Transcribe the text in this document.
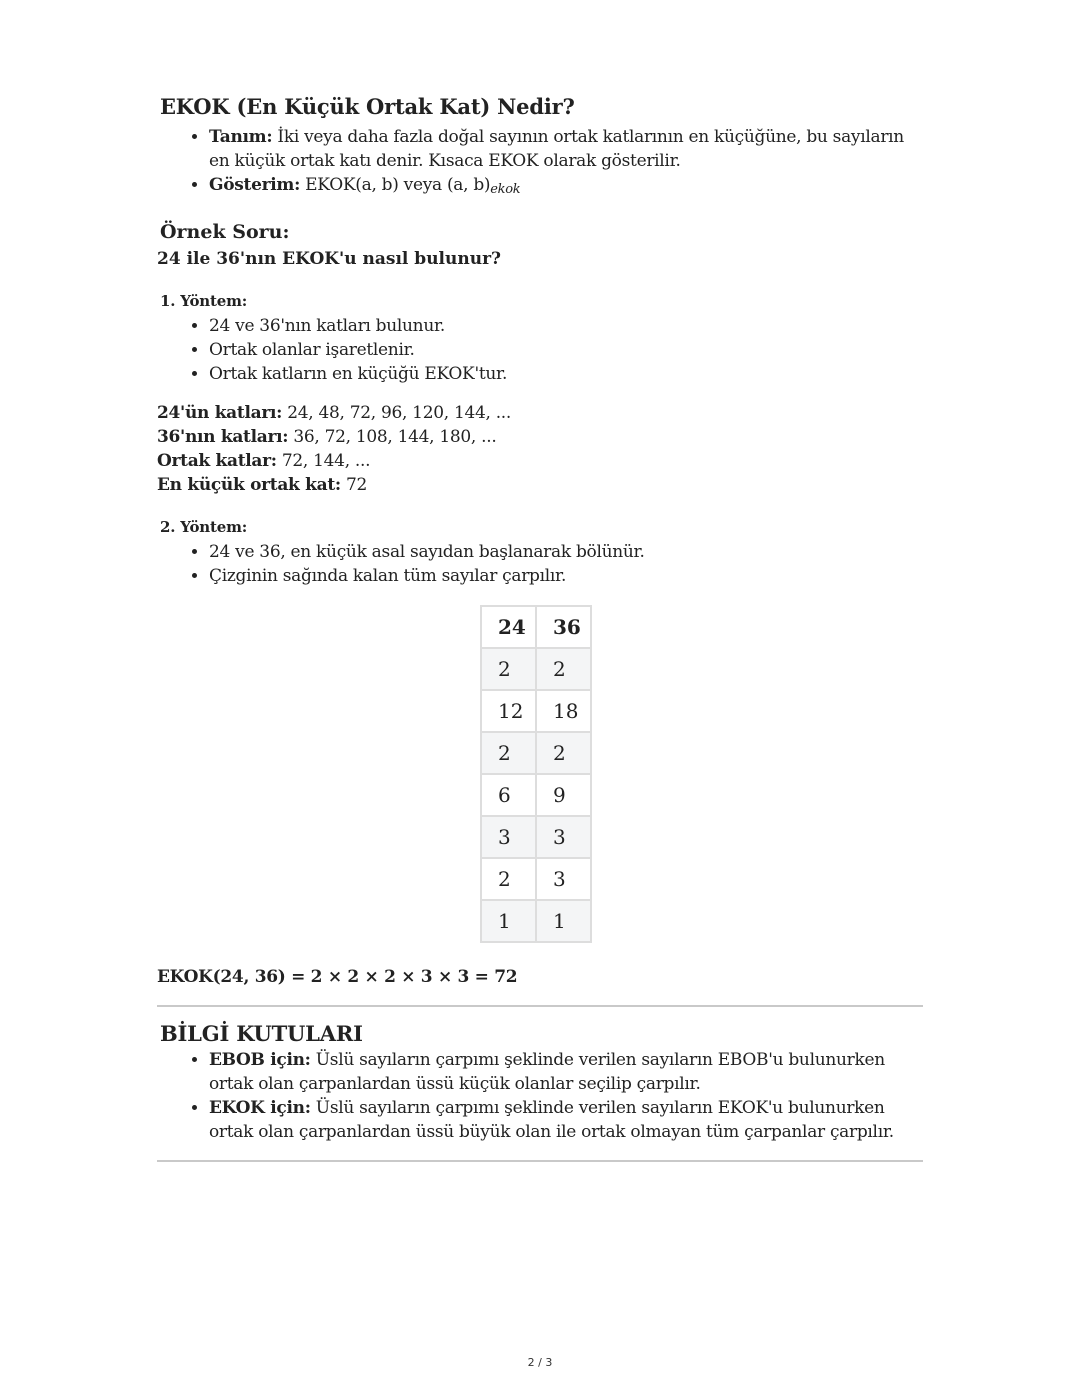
EKOK (En Küçük Ortak Kat) Nedir?
• Tanım: İki veya daha fazla doğal sayının ortak katlarının en küçüğüne, bu sayıların en küçük ortak katı denir. Kısaca EKOK olarak gösterilir.
• Gösterim: EKOK(a, b) veya (a, $b)_{ekok}$
Örnek Soru:
24 ile 36'nın EKOK'u nasıl bulunur?
1. Yöntem:
• 24 ve 36'nın katları bulunur.
• Ortak olanlar işaretlenir.
• Ortak katların en küçüğü EKOK'tur.
24'ün katları: 24, 48, 72, 96, 120, 144, ...
36'nın katları: 36, 72, 108, 144, 180, ...
Ortak katlar: 72, 144, ...
En küçük ortak kat: 72
2. Yöntem:
• 24 ve 36, en küçük asal sayıdan başlanarak bölünür.
• Çizginin sağında kalan tüm sayılar çarpılır.
24	36
2	2
12	18
2	2
6	9
3	3
2	3
1	1
EKOK(24, 36) = 2 × 2 × 2 × 3 × 3 = 72
BİLGİ KUTULARI
• EBOB için: Üslü sayıların çarpımı şeklinde verilen sayıların EBOB'u bulunurken ortak olan çarpanlardan üssü küçük olanlar seçilip çarpılır.
• EKOK için: Üslü sayıların çarpımı şeklinde verilen sayıların EKOK'u bulunurken ortak olan çarpanlardan üssü büyük olan ile ortak olmayan tüm çarpanlar çarpılır.
2 / 3
